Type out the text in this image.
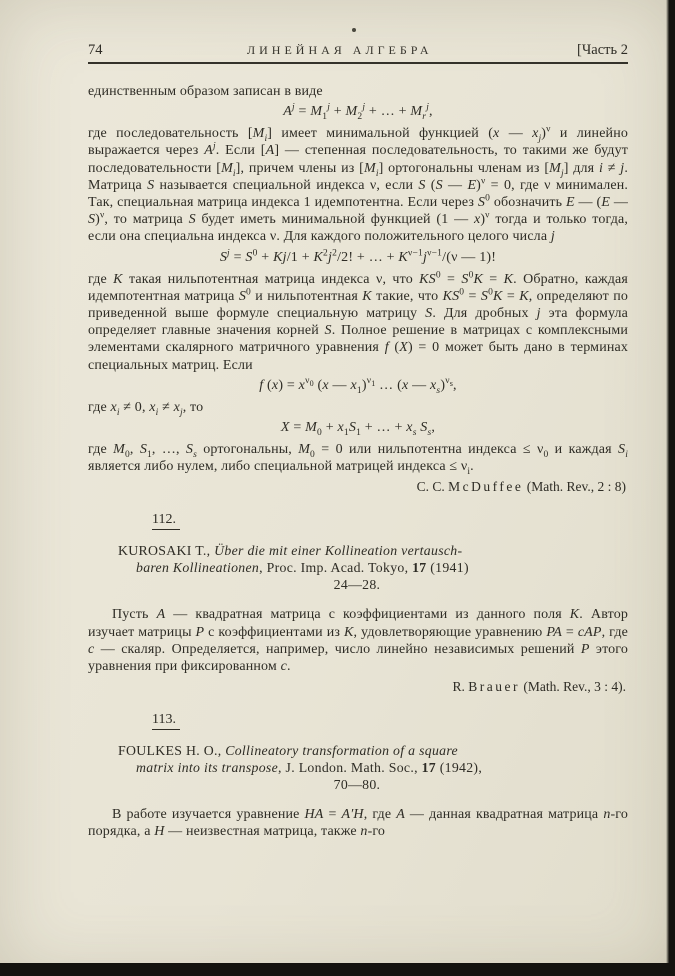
74	ЛИНЕЙНАЯ АЛГЕБРА	[Часть 2

единственным образом записан в виде

$A^j = M_1^j + M_2^j$ + … + $M_r^j$,

где последовательность $[M_i]$ имеет минимальной функцией (x — $x_j)^\nu$ и линейно выражается через $A^j$. Если [A] — степенная последовательность, то такими же будут последовательности $[M_i]$, причем члены из $[M_i]$ ортогональны членам из $[M_j]$ для i ≠ j. Матрица S называется специальной индекса ν, если S (S — E)$^\nu$ = 0, где ν минимален. Так, специальная матрица индекса 1 идемпотентна. Если через $S^0$ обозначить E — (E — S)$^\nu$, то матрица S будет иметь минимальной функцией (1 — x)$^\nu$ тогда и только тогда, если она специальна индекса ν. Для каждого положительного целого числа j

$S^j = S^0 + Kj/1 + K^2j^2/2$! + … + $K^{\nu-1}j^{\nu-1}/(\nu$ — 1)!

где K такая нильпотентная матрица индекса ν, что $KS^0 = S^0K = K$. Обратно, каждая идемпотентная матрица $S^0$ и нильпотентная K такие, что $KS^0 = S^0K = K$, определяют по приведенной выше формуле специальную матрицу S. Для дробных j эта формула определяет главные значения корней S. Полное решение в матрицах с комплексными элементами скалярного матричного уравнения f (X) = 0 может быть дано в терминах специальных матриц. Если

f $(x) = x^{\nu_0}$ (x — $x_1)^{\nu_1}$ … (x — $x_s)^{\nu_s}$,

где $x_i \ne 0$, $x_i \ne x_j$, то

$X = M_0 + x_1S_1$ + … + $x_s$ $S_s$,

где $M_0$, $S_1$, …, $S_s$ ортогональны, $M_0 = 0$ или нильпотентна индекса ≤ $\nu_0$ и каждая $S_i$ является либо нулем, либо специальной матрицей индекса ≤ $\nu_i$.

C. C. McDuffee (Math. Rev., 2 : 8)
112.
KUROSAKI T., Über die mit einer Kollineation vertausch-
baren Kollineationen, Proc. Imp. Acad. Tokyo, 17 (1941)
24—28.

Пусть A — квадратная матрица с коэффициентами из данного поля K. Автор изучает матрицы P с коэффициентами из K, удовлетворяющие уравнению PA = cAP, где c — скаляр. Определяется, например, число линейно независимых решений P этого уравнения при фиксированном c.

R. Brauer (Math. Rev., 3 : 4).
113.
FOULKES H. O., Collineatory transformation of a square
matrix into its transpose, J. London. Math. Soc., 17 (1942),
70—80.

В работе изучается уравнение HA = A′H, где A — данная квадратная матрица n-го порядка, а H — неизвестная матрица, также n-го
